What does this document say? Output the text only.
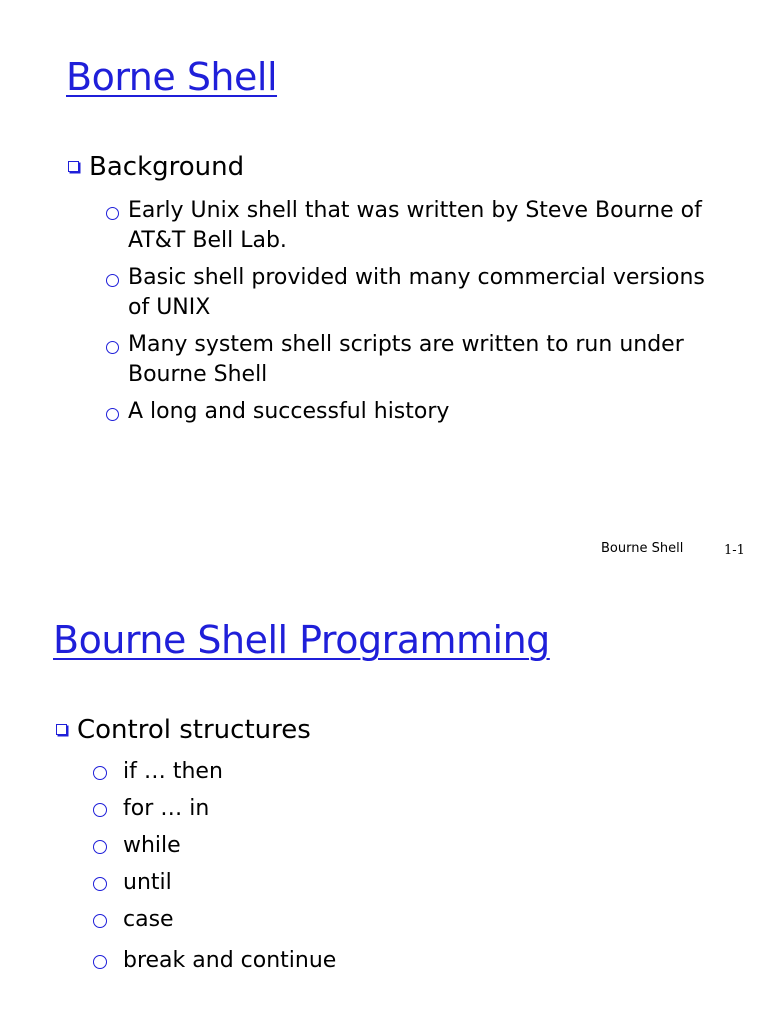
Borne Shell
Background
Early Unix shell that was written by Steve Bourne of AT&T Bell Lab.
Basic shell provided with many commercial versions of UNIX
Many system shell scripts are written to run under Bourne Shell
A long and successful history
Bourne Shell	1-1
Bourne Shell Programming
Control structures
if … then
for … in
while
until
case
break and continue
